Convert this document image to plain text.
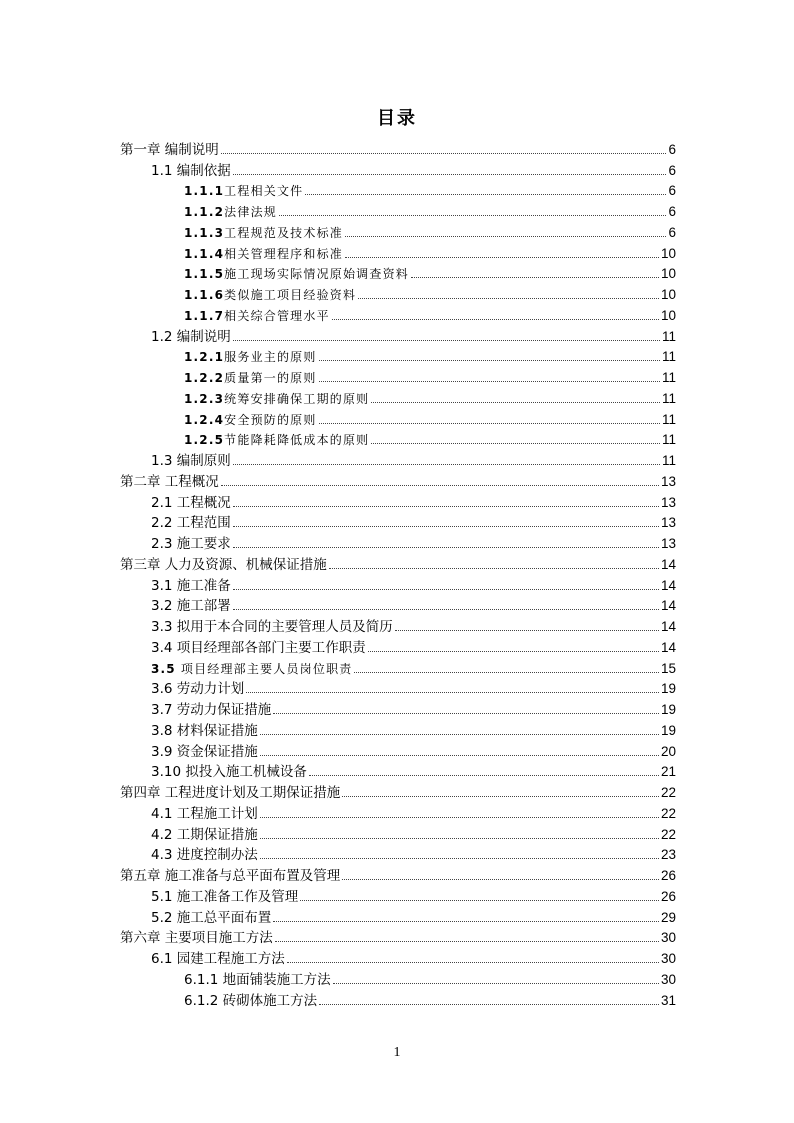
目录
第一章 编制说明	6
1.1 编制依据	6
1.1.1工程相关文件	6
1.1.2法律法规	6
1.1.3工程规范及技术标准	6
1.1.4相关管理程序和标准	10
1.1.5施工现场实际情况原始调查资料	10
1.1.6类似施工项目经验资料	10
1.1.7相关综合管理水平	10
1.2 编制说明	11
1.2.1服务业主的原则	11
1.2.2质量第一的原则	11
1.2.3统筹安排确保工期的原则	11
1.2.4安全预防的原则	11
1.2.5节能降耗降低成本的原则	11
1.3 编制原则	11
第二章 工程概况	13
2.1 工程概况	13
2.2 工程范围	13
2.3 施工要求	13
第三章 人力及资源、机械保证措施	14
3.1 施工准备	14
3.2 施工部署	14
3.3 拟用于本合同的主要管理人员及简历	14
3.4 项目经理部各部门主要工作职责	14
3.5 项目经理部主要人员岗位职责	15
3.6 劳动力计划	19
3.7 劳动力保证措施	19
3.8 材料保证措施	19
3.9 资金保证措施	20
3.10 拟投入施工机械设备	21
第四章 工程进度计划及工期保证措施	22
4.1 工程施工计划	22
4.2 工期保证措施	22
4.3 进度控制办法	23
第五章 施工准备与总平面布置及管理	26
5.1 施工准备工作及管理	26
5.2 施工总平面布置	29
第六章 主要项目施工方法	30
6.1 园建工程施工方法	30
6.1.1 地面铺装施工方法	30
6.1.2 砖砌体施工方法	31
1
